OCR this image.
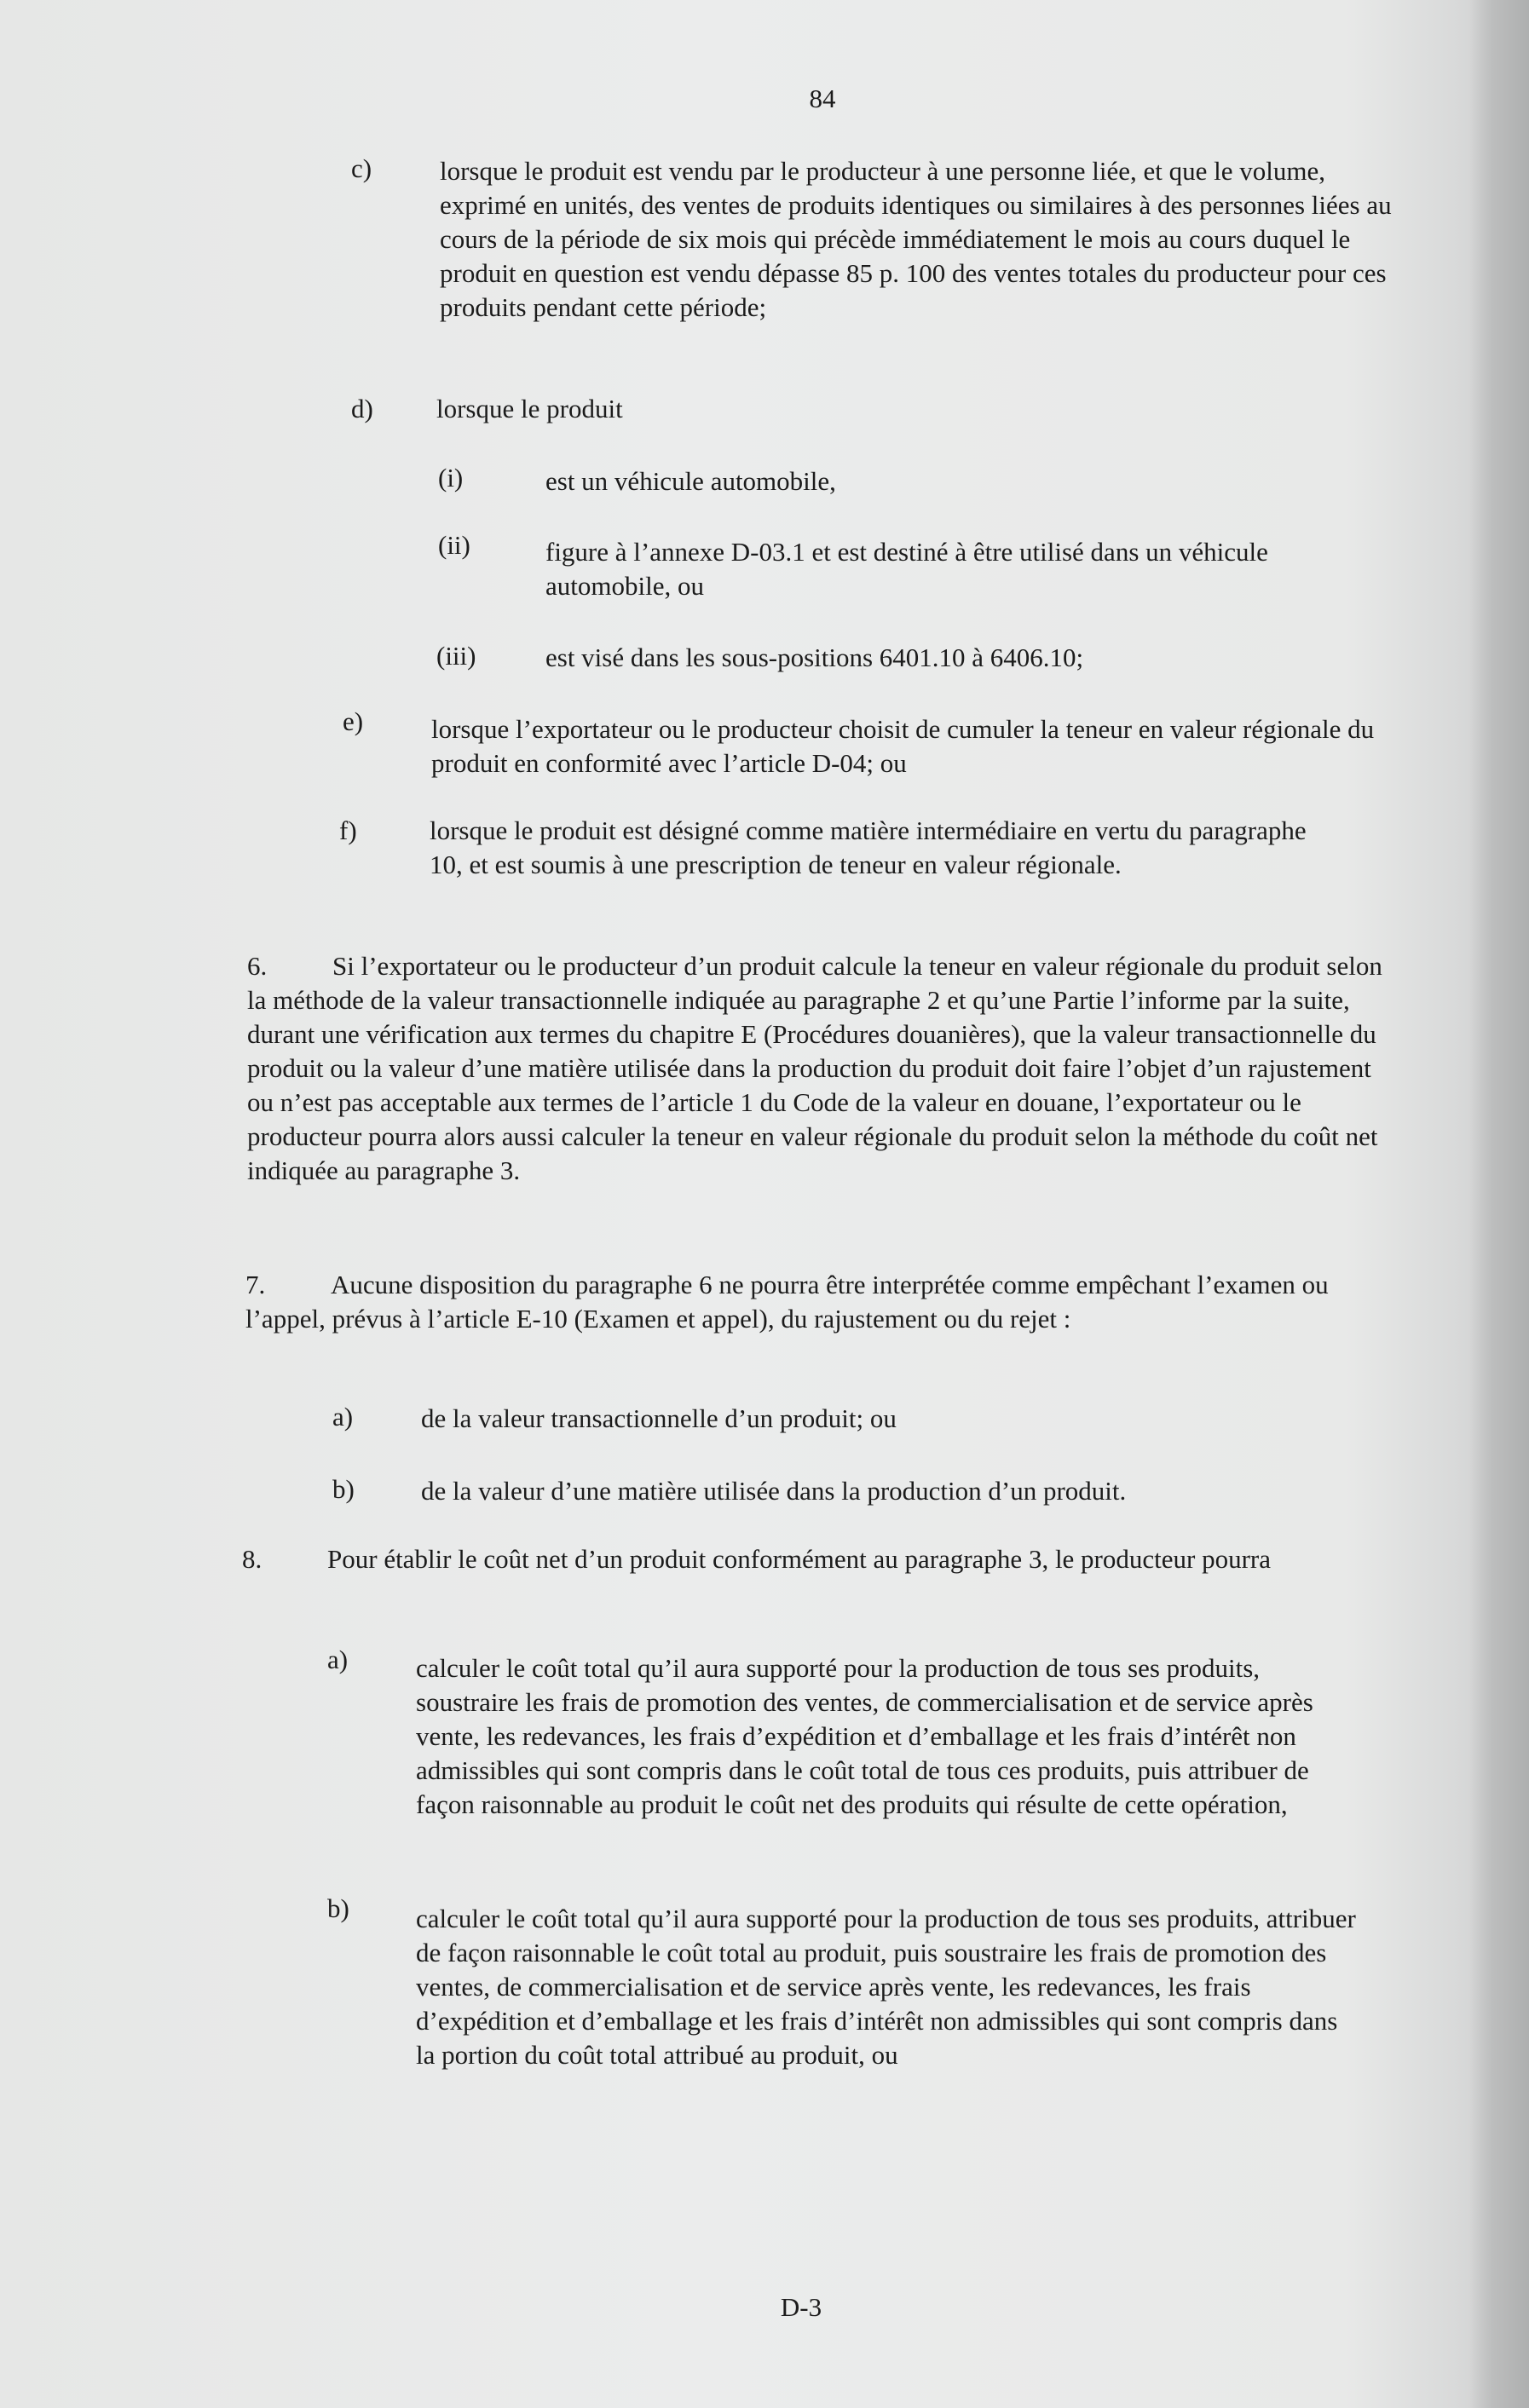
84
c)	lorsque le produit est vendu par le producteur à une personne liée, et que le volume, exprimé en unités, des ventes de produits identiques ou similaires à des personnes liées au cours de la période de six mois qui précède immédiatement le mois au cours duquel le produit en question est vendu dépasse 85 p. 100 des ventes totales du producteur pour ces produits pendant cette période;
d) lorsque le produit
(i)	est un véhicule automobile,
(ii)	figure à l’annexe D-03.1 et est destiné à être utilisé dans un véhicule automobile, ou
(iii)	est visé dans les sous-positions 6401.10 à 6406.10;
e)	lorsque l’exportateur ou le producteur choisit de cumuler la teneur en valeur régionale du produit en conformité avec l’article D-04; ou
f)	lorsque le produit est désigné comme matière intermédiaire en vertu du paragraphe 10, et est soumis à une prescription de teneur en valeur régionale.
6. Si l’exportateur ou le producteur d’un produit calcule la teneur en valeur régionale du produit selon la méthode de la valeur transactionnelle indiquée au paragraphe 2 et qu’une Partie l’informe par la suite, durant une vérification aux termes du chapitre E (Procédures douanières), que la valeur transactionnelle du produit ou la valeur d’une matière utilisée dans la production du produit doit faire l’objet d’un rajustement ou n’est pas acceptable aux termes de l’article 1 du Code de la valeur en douane, l’exportateur ou le producteur pourra alors aussi calculer la teneur en valeur régionale du produit selon la méthode du coût net indiquée au paragraphe 3.
7. Aucune disposition du paragraphe 6 ne pourra être interprétée comme empêchant l’examen ou l’appel, prévus à l’article E-10 (Examen et appel), du rajustement ou du rejet :
a)	de la valeur transactionnelle d’un produit; ou
b)	de la valeur d’une matière utilisée dans la production d’un produit.
8. Pour établir le coût net d’un produit conformément au paragraphe 3, le producteur pourra
a)	calculer le coût total qu’il aura supporté pour la production de tous ses produits, soustraire les frais de promotion des ventes, de commercialisation et de service après vente, les redevances, les frais d’expédition et d’emballage et les frais d’intérêt non admissibles qui sont compris dans le coût total de tous ces produits, puis attribuer de façon raisonnable au produit le coût net des produits qui résulte de cette opération,
b)	calculer le coût total qu’il aura supporté pour la production de tous ses produits, attribuer de façon raisonnable le coût total au produit, puis soustraire les frais de promotion des ventes, de commercialisation et de service après vente, les redevances, les frais d’expédition et d’emballage et les frais d’intérêt non admissibles qui sont compris dans la portion du coût total attribué au produit, ou
D-3
